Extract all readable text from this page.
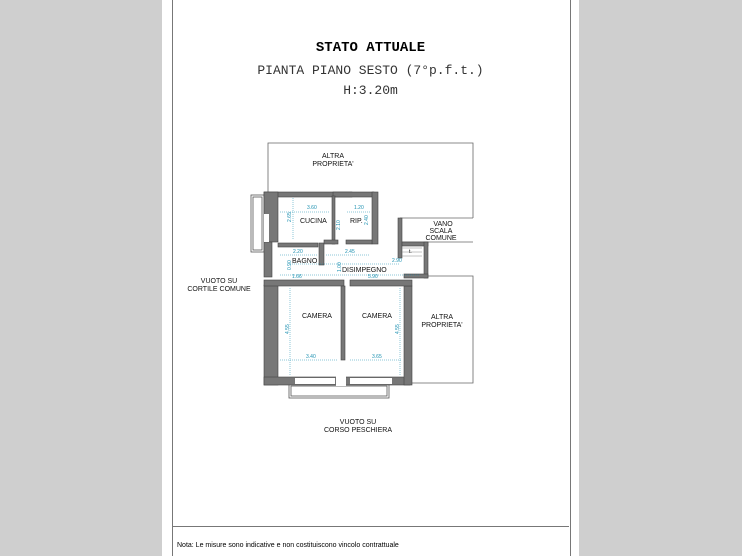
STATO ATTUALE
PIANTA PIANO SESTO (7°p.f.t.)
H:3.20m
CUCINA	RIP.	VANO
SCALA
COMUNE
BAGNO
DISIMPEGNO
CAMERA	CAMERA
ALTRA
PROPRIETA'
ALTRA
PROPRIETA'
VUOTO SU
CORTILE COMUNE
VUOTO SU
CORSO PESCHIERA
3.60	1.20
2.65
2.10
2.40
2.20	2.45
2.90
0.90	1.00
5.90
1.66
3.40	3.65
4.55	4.55
t.
Nota: Le misure sono indicative e non costituiscono vincolo contrattuale
